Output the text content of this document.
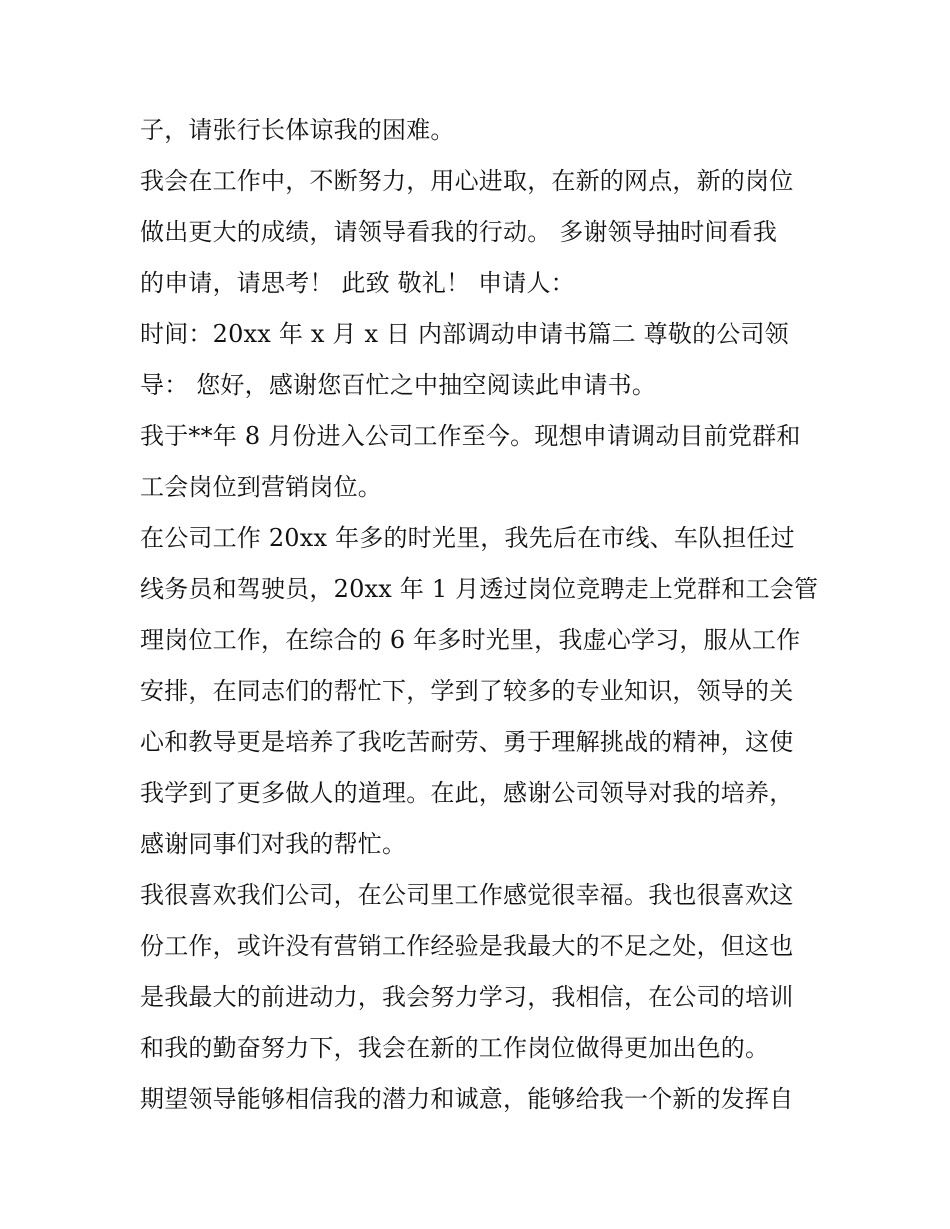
子，请张行长体谅我的困难。
我会在工作中，不断努力，用心进取，在新的网点，新的岗位
做出更大的成绩，请领导看我的行动。 多谢领导抽时间看我
的申请，请思考！ 此致 敬礼！ 申请人：
时间：20xx 年 x 月 x 日 内部调动申请书篇二 尊敬的公司领
导： 您好，感谢您百忙之中抽空阅读此申请书。
我于**年 8 月份进入公司工作至今。现想申请调动目前党群和
工会岗位到营销岗位。
在公司工作 20xx 年多的时光里，我先后在市线、车队担任过
线务员和驾驶员，20xx 年 1 月透过岗位竞聘走上党群和工会管
理岗位工作，在综合的 6 年多时光里，我虚心学习，服从工作
安排，在同志们的帮忙下，学到了较多的专业知识，领导的关
心和教导更是培养了我吃苦耐劳、勇于理解挑战的精神，这使
我学到了更多做人的道理。在此，感谢公司领导对我的培养，
感谢同事们对我的帮忙。
我很喜欢我们公司，在公司里工作感觉很幸福。我也很喜欢这
份工作，或许没有营销工作经验是我最大的不足之处，但这也
是我最大的前进动力，我会努力学习，我相信，在公司的培训
和我的勤奋努力下，我会在新的工作岗位做得更加出色的。
期望领导能够相信我的潜力和诚意，能够给我一个新的发挥自
